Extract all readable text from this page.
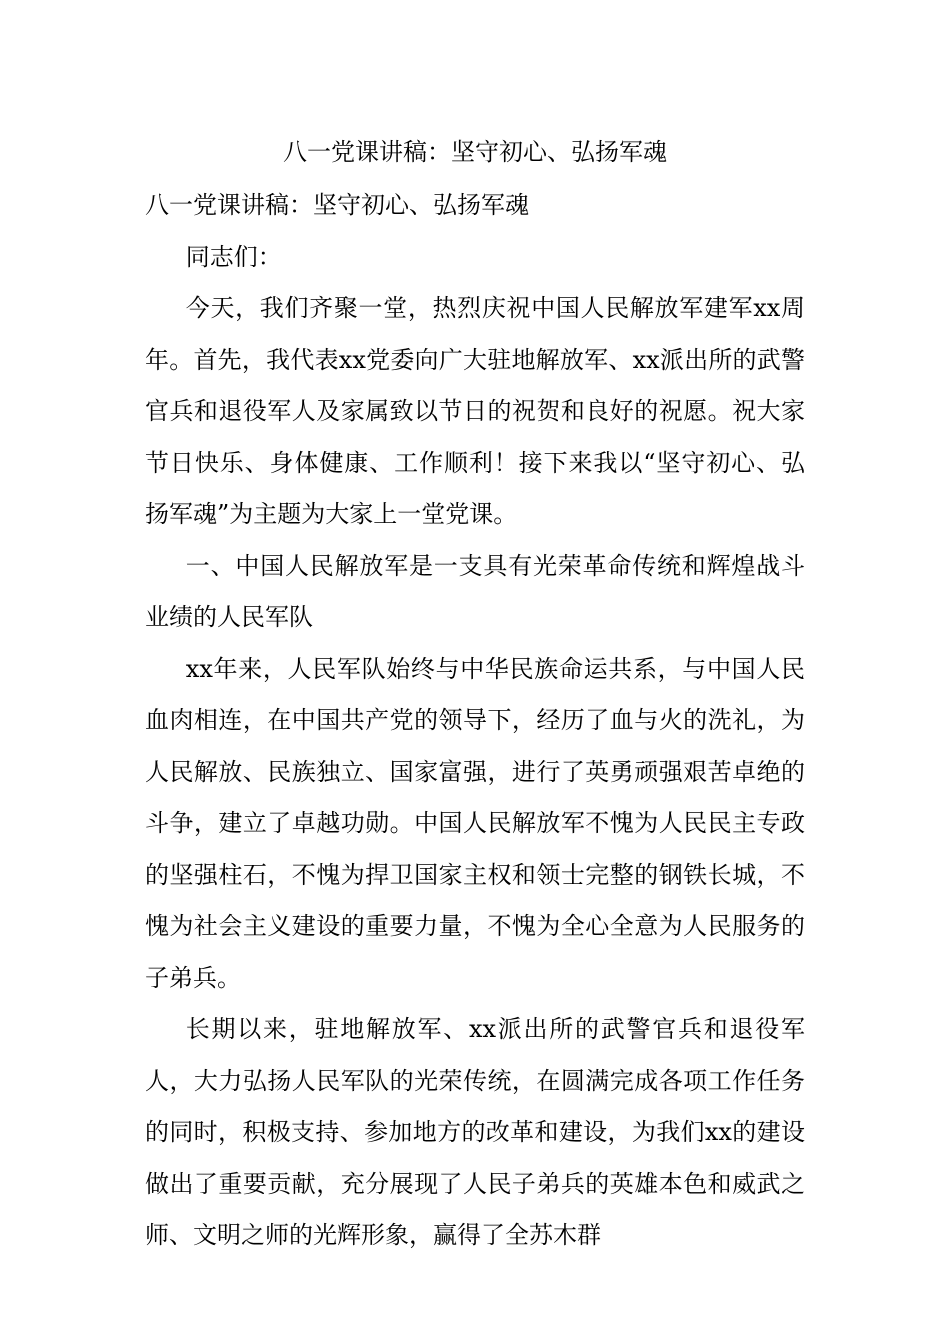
八一党课讲稿：坚守初心、弘扬军魂

八一党课讲稿：坚守初心、弘扬军魂

同志们：

今天，我们齐聚一堂，热烈庆祝中国人民解放军建军xx周年。首先，我代表xx党委向广大驻地解放军、xx派出所的武警官兵和退役军人及家属致以节日的祝贺和良好的祝愿。祝大家节日快乐、身体健康、工作顺利！接下来我以“坚守初心、弘扬军魂”为主题为大家上一堂党课。

一、中国人民解放军是一支具有光荣革命传统和辉煌战斗业绩的人民军队

xx年来，人民军队始终与中华民族命运共系，与中国人民血肉相连，在中国共产党的领导下，经历了血与火的洗礼，为人民解放、民族独立、国家富强，进行了英勇顽强艰苦卓绝的斗争，建立了卓越功勋。中国人民解放军不愧为人民民主专政的坚强柱石，不愧为捍卫国家主权和领士完整的钢铁长城，不愧为社会主义建设的重要力量，不愧为全心全意为人民服务的子弟兵。

长期以来，驻地解放军、xx派出所的武警官兵和退役军人，大力弘扬人民军队的光荣传统，在圆满完成各项工作任务的同时，积极支持、参加地方的改革和建设，为我们xx的建设做出了重要贡献，充分展现了人民子弟兵的英雄本色和威武之师、文明之师的光辉形象，赢得了全苏木群
